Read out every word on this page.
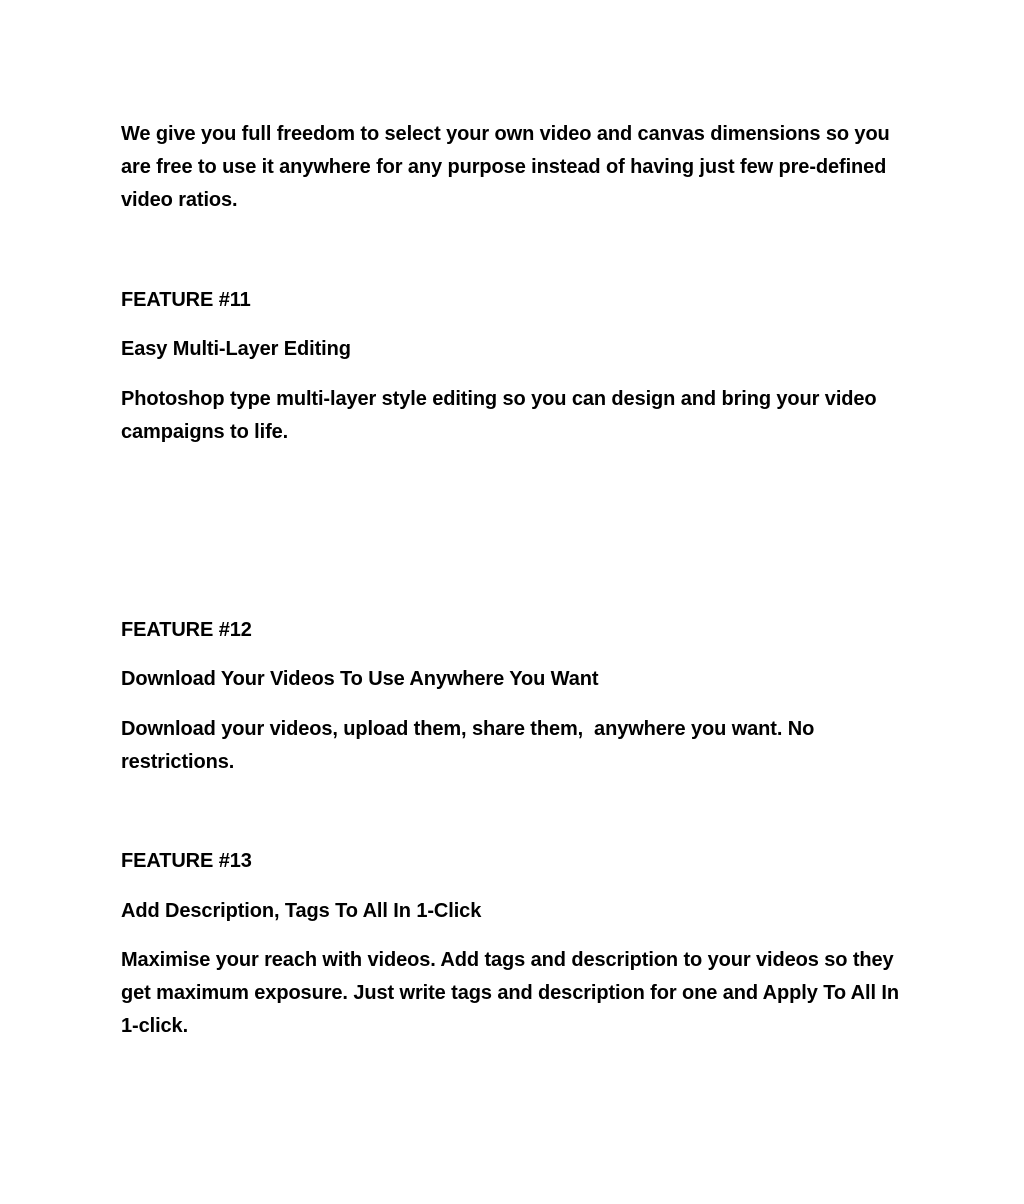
We give you full freedom to select your own video and canvas dimensions so you are free to use it anywhere for any purpose instead of having just few pre-defined video ratios.

FEATURE #11

Easy Multi-Layer Editing

Photoshop type multi-layer style editing so you can design and bring your video campaigns to life.

FEATURE #12

Download Your Videos To Use Anywhere You Want

Download your videos, upload them, share them,  anywhere you want. No restrictions.

FEATURE #13

Add Description, Tags To All In 1-Click

Maximise your reach with videos. Add tags and description to your videos so they get maximum exposure. Just write tags and description for one and Apply To All In 1-click.
